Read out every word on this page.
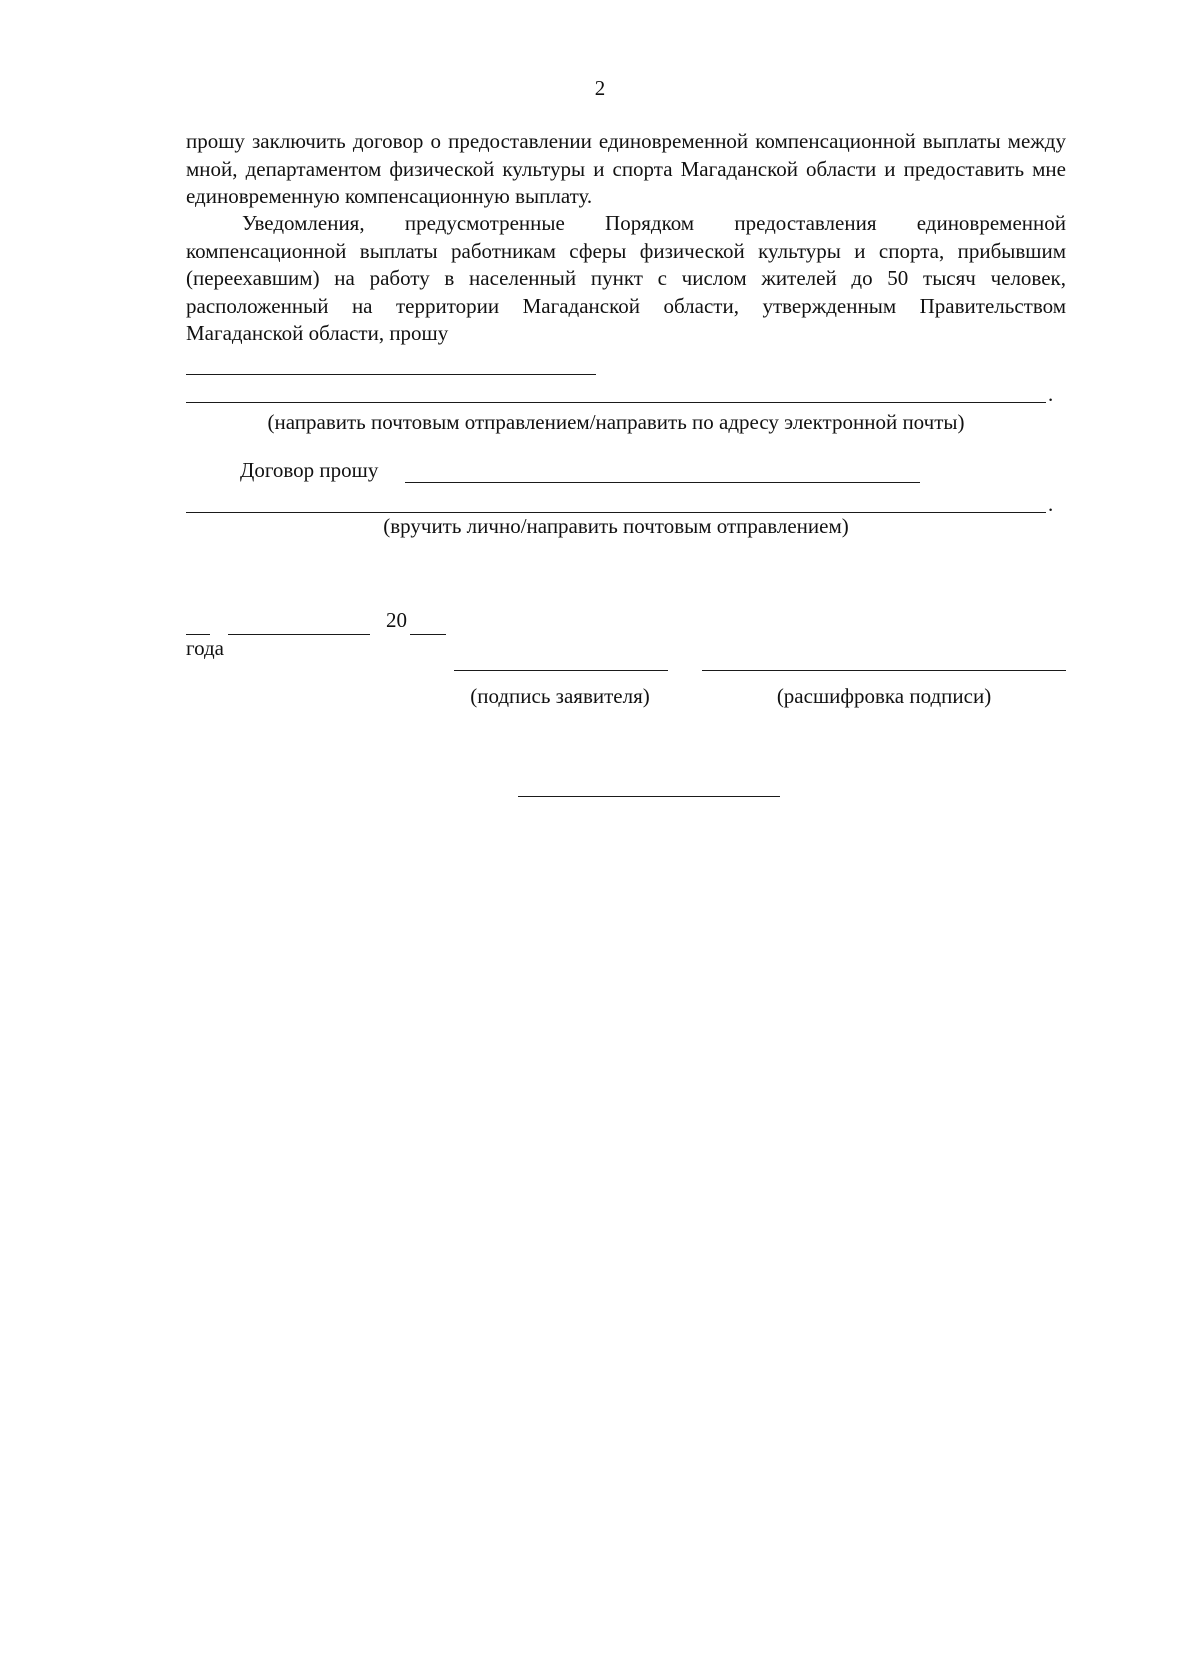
2
прошу заключить договор о предоставлении единовременной компенсационной выплаты между мной, департаментом физической культуры и спорта Магаданской области и предоставить мне единовременную компенсационную выплату.
Уведомления, предусмотренные Порядком предоставления единовременной компенсационной выплаты работникам сферы физической культуры и спорта, прибывшим (переехавшим) на работу в населенный пункт с числом жителей до 50 тысяч человек, расположенный на территории Магаданской области, утвержденным Правительством Магаданской области, прошу
.
(направить почтовым отправлением/направить по адресу электронной почты)
Договор прошу
.
(вручить лично/направить почтовым отправлением)
20
года
(подпись заявителя)	(расшифровка подписи)
